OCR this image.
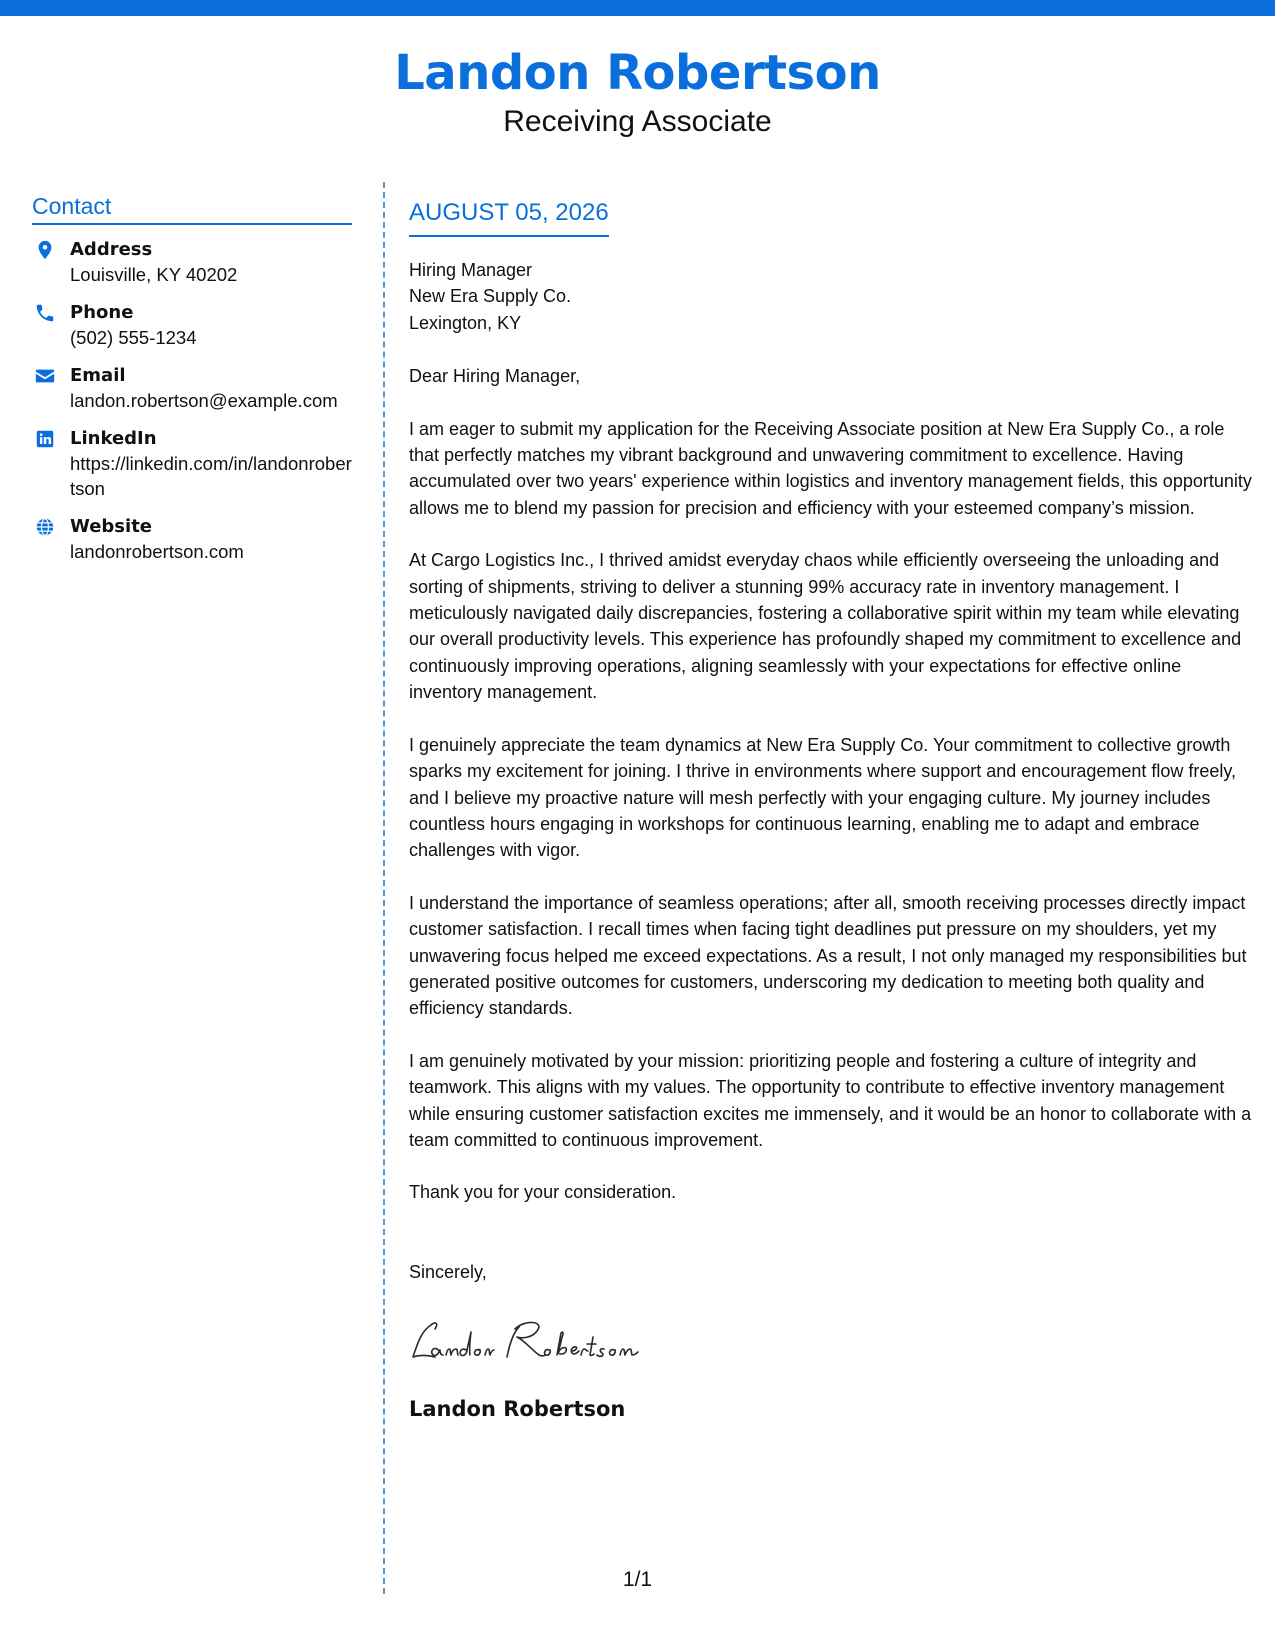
Landon Robertson
Receiving Associate
Contact
Address
Louisville, KY 40202
Phone
(502) 555-1234
Email
landon.robertson@example.com
LinkedIn
https://linkedin.com/in/landonrobertson
Website
landonrobertson.com
AUGUST 05, 2026
Hiring Manager
New Era Supply Co.
Lexington, KY
Dear Hiring Manager,
I am eager to submit my application for the Receiving Associate position at New Era Supply Co., a role that perfectly matches my vibrant background and unwavering commitment to excellence. Having accumulated over two years' experience within logistics and inventory management fields, this opportunity allows me to blend my passion for precision and efficiency with your esteemed company’s mission.
At Cargo Logistics Inc., I thrived amidst everyday chaos while efficiently overseeing the unloading and sorting of shipments, striving to deliver a stunning 99% accuracy rate in inventory management. I meticulously navigated daily discrepancies, fostering a collaborative spirit within my team while elevating our overall productivity levels. This experience has profoundly shaped my commitment to excellence and continuously improving operations, aligning seamlessly with your expectations for effective online inventory management.
I genuinely appreciate the team dynamics at New Era Supply Co. Your commitment to collective growth sparks my excitement for joining. I thrive in environments where support and encouragement flow freely, and I believe my proactive nature will mesh perfectly with your engaging culture. My journey includes countless hours engaging in workshops for continuous learning, enabling me to adapt and embrace challenges with vigor.
I understand the importance of seamless operations; after all, smooth receiving processes directly impact customer satisfaction. I recall times when facing tight deadlines put pressure on my shoulders, yet my unwavering focus helped me exceed expectations. As a result, I not only managed my responsibilities but generated positive outcomes for customers, underscoring my dedication to meeting both quality and efficiency standards.
I am genuinely motivated by your mission: prioritizing people and fostering a culture of integrity and teamwork. This aligns with my values. The opportunity to contribute to effective inventory management while ensuring customer satisfaction excites me immensely, and it would be an honor to collaborate with a team committed to continuous improvement.
Thank you for your consideration.
Sincerely,
Landon Robertson
1/1
